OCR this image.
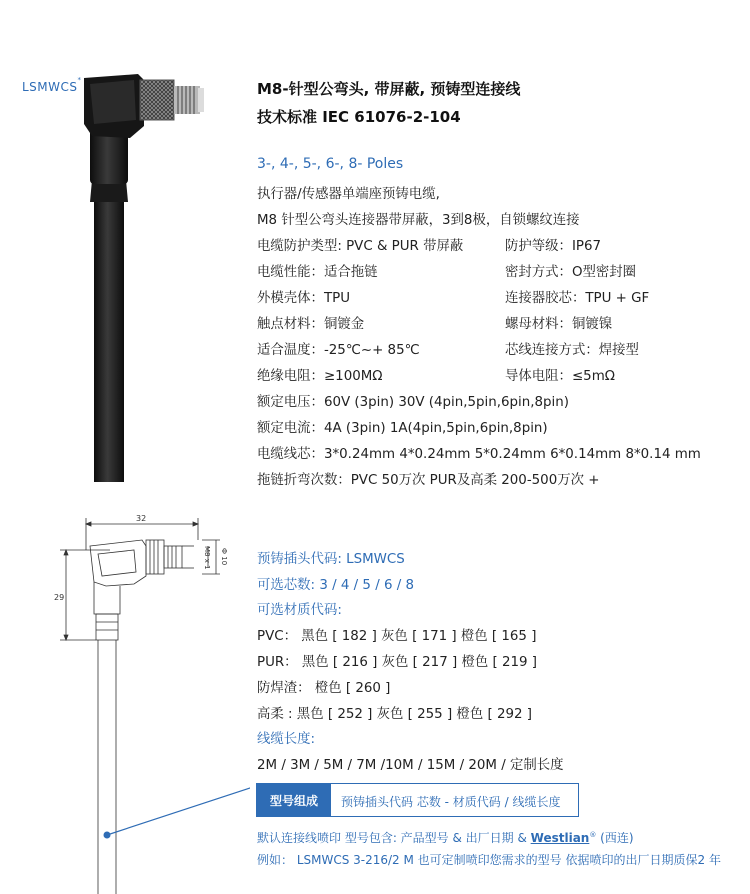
LSMWCS*	M8-针型公弯头, 带屏蔽, 预铸型连接线
技术标准 IEC 61076-2-104
3-, 4-, 5-, 6-, 8- Poles
执行器/传感器单端座预铸电缆,
M8 针型公弯头连接器带屏蔽，3到8极，自锁螺纹连接
电缆防护类型: PVC & PUR 带屏蔽	防护等级：IP67
电缆性能：适合拖链	密封方式：O型密封圈
外模壳体：TPU	连接器胶芯：TPU + GF
触点材料：铜镀金	螺母材料：铜镀镍
适合温度：-25℃~+ 85℃	芯线连接方式：焊接型
绝缘电阻：≥100MΩ	导体电阻：≤5mΩ
额定电压：60V (3pin) 30V (4pin,5pin,6pin,8pin)
额定电流：4A (3pin) 1A(4pin,5pin,6pin,8pin)
电缆线芯：3*0.24mm 4*0.24mm 5*0.24mm 6*0.14mm 8*0.14 mm
拖链折弯次数：PVC 50万次 PUR及高柔 200-500万次 +
32
29
M8 x 1 Ф 10 预铸插头代码: LSMWCS
可选芯数: 3 / 4 / 5 / 6 / 8
可选材质代码:
PVC： 黑色 [ 182 ] 灰色 [ 171 ] 橙色 [ 165 ]
PUR： 黑色 [ 216 ] 灰色 [ 217 ] 橙色 [ 219 ]
防焊渣： 橙色 [ 260 ]
高柔 : 黑色 [ 252 ] 灰色 [ 255 ] 橙色 [ 292 ]
线缆长度:
2M / 3M / 5M / 7M /10M / 15M / 20M / 定制长度
型号组成	预铸插头代码 芯数 - 材质代码 / 线缆长度
默认连接线喷印 型号包含: 产品型号 & 出厂日期 & Westlian® (西连)
例如： LSMWCS 3-216/2 M 也可定制喷印您需求的型号 依据喷印的出厂日期质保2 年
